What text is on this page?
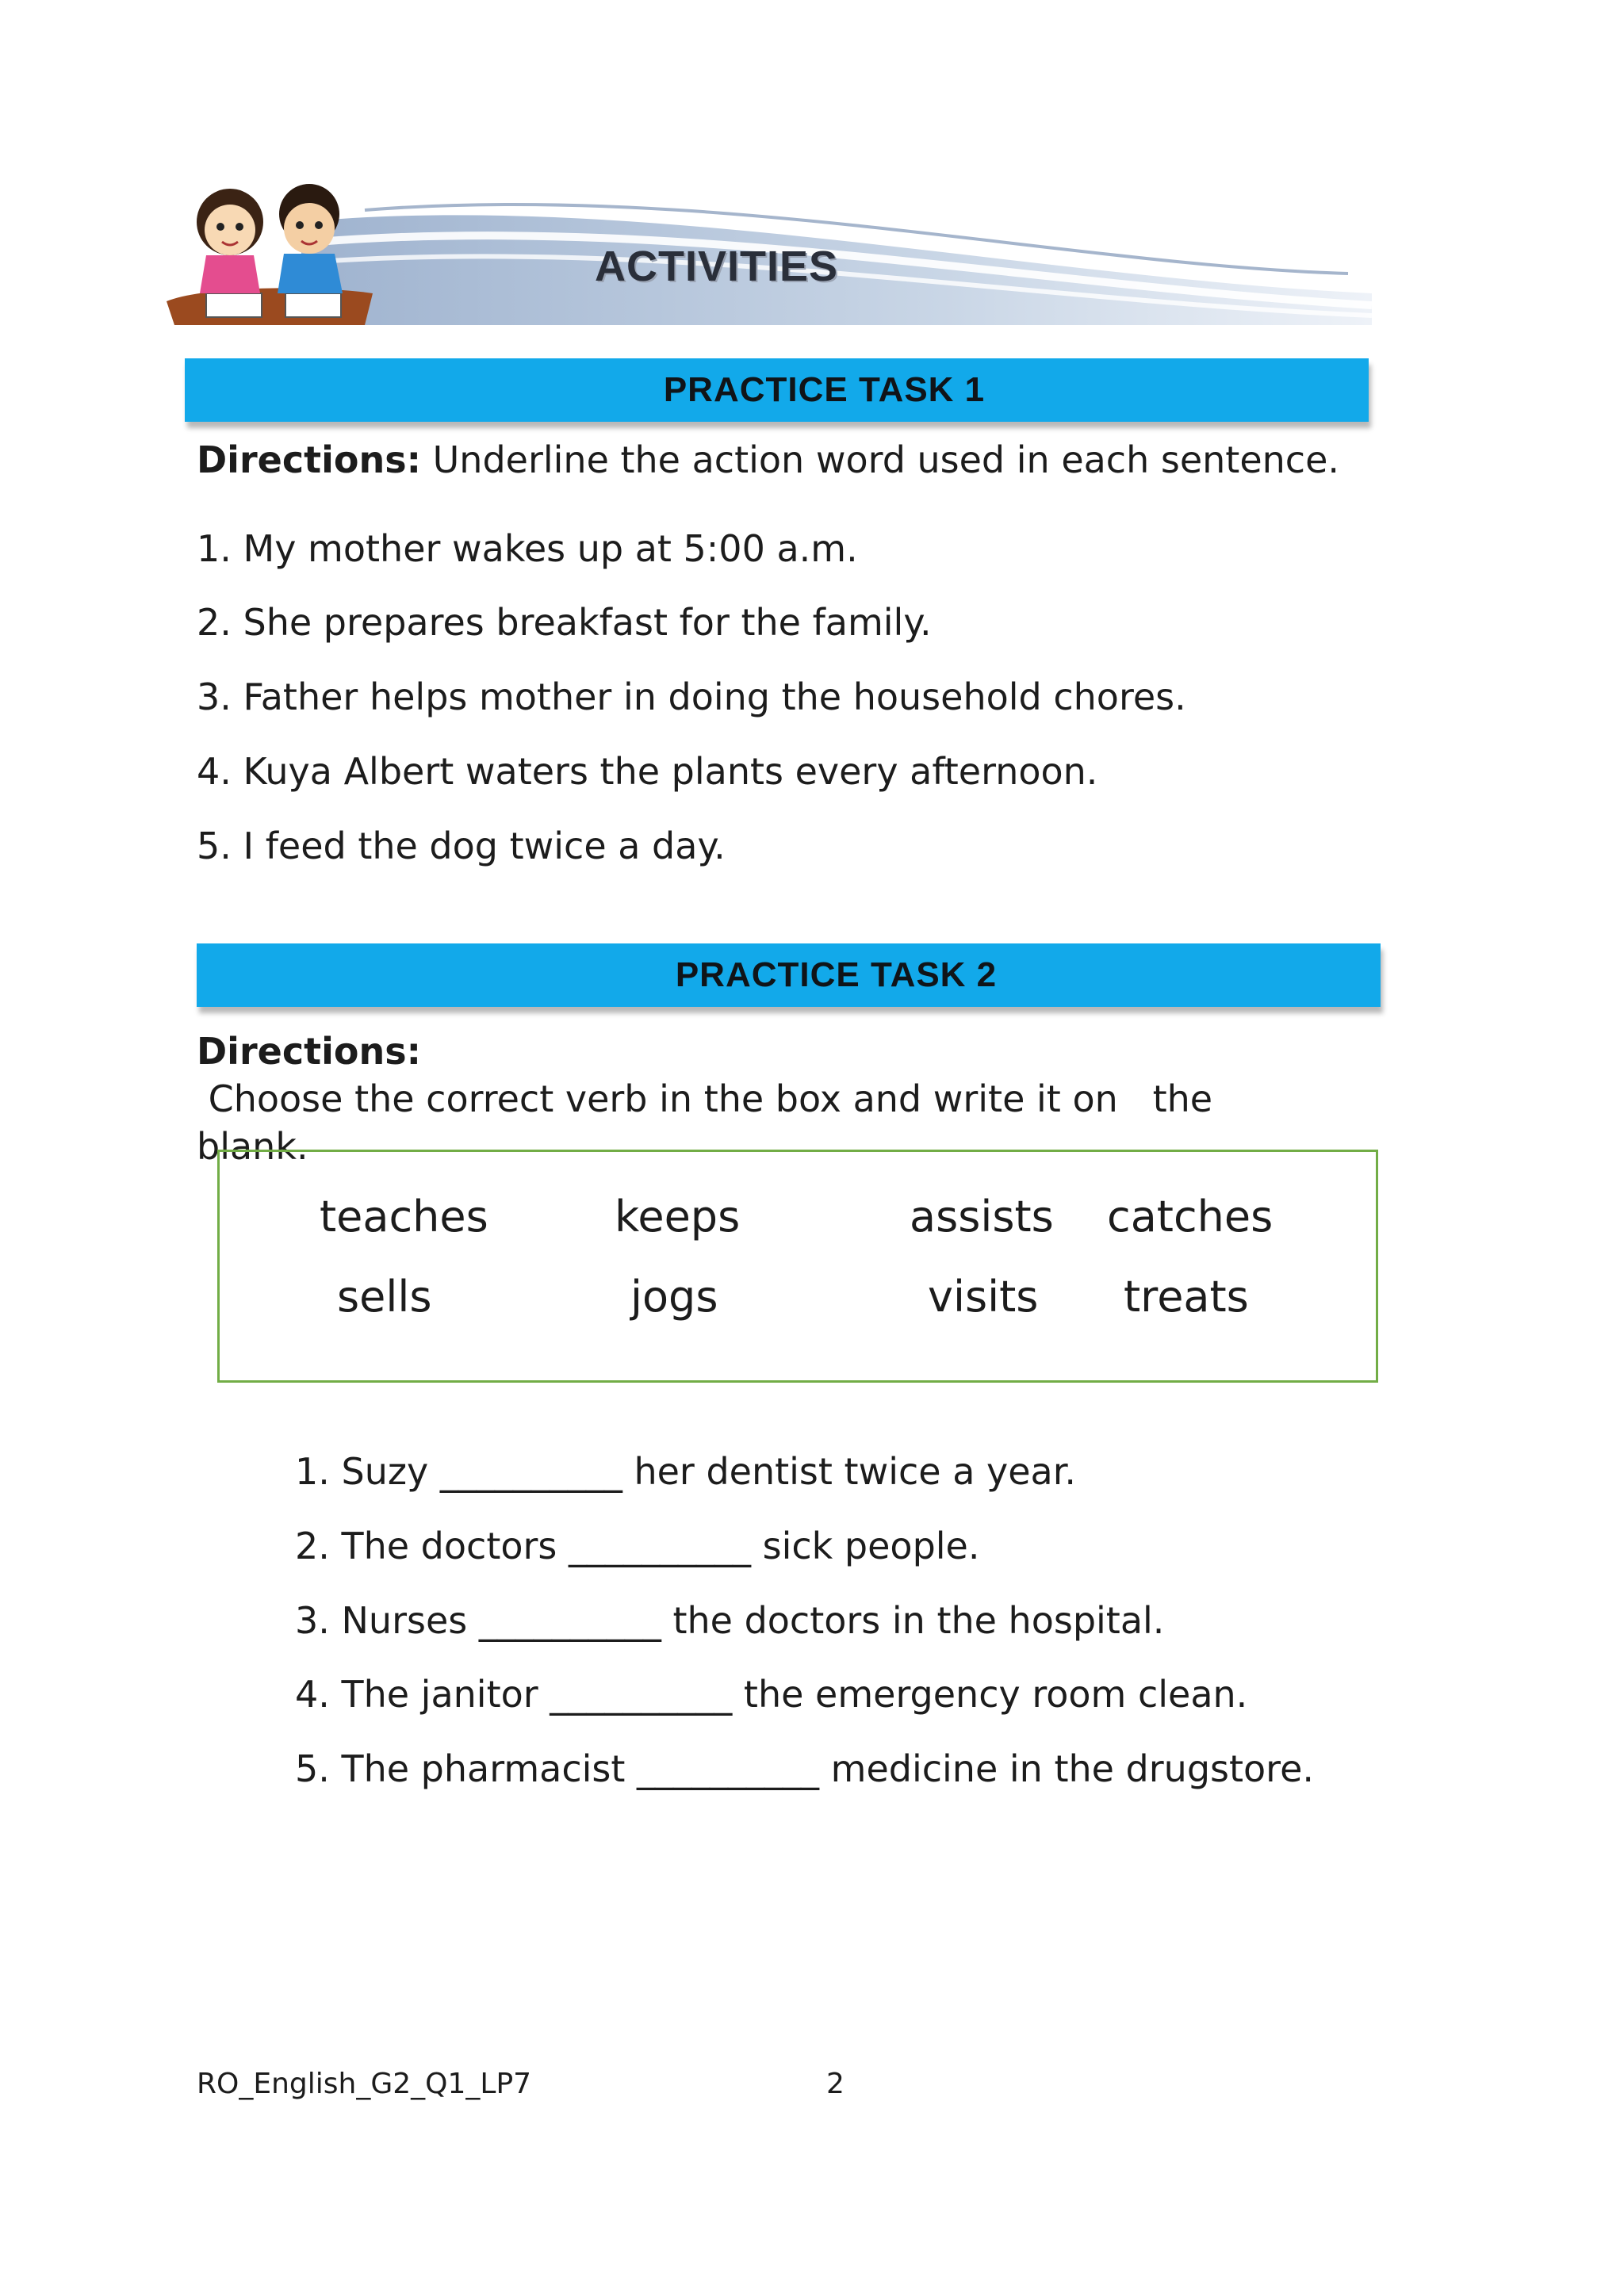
ACTIVITIES
PRACTICE TASK 1
Directions: Underline the action word used in each sentence.
1. My mother wakes up at 5:00 a.m.
2. She prepares breakfast for the family.
3. Father helps mother in doing the household chores.
4. Kuya Albert waters the plants every afternoon.
5. I feed the dog twice a day.
PRACTICE TASK 2
Directions: Choose the correct verb in the box and write it on   the
blank.
teaches	keeps	assists catches
sells	jogs	visits treats
1. Suzy __________ her dentist twice a year.
2. The doctors __________ sick people.
3. Nurses __________ the doctors in the hospital.
4. The janitor __________ the emergency room clean.
5. The pharmacist __________ medicine in the drugstore.
RO_English_G2_Q1_LP7	2
